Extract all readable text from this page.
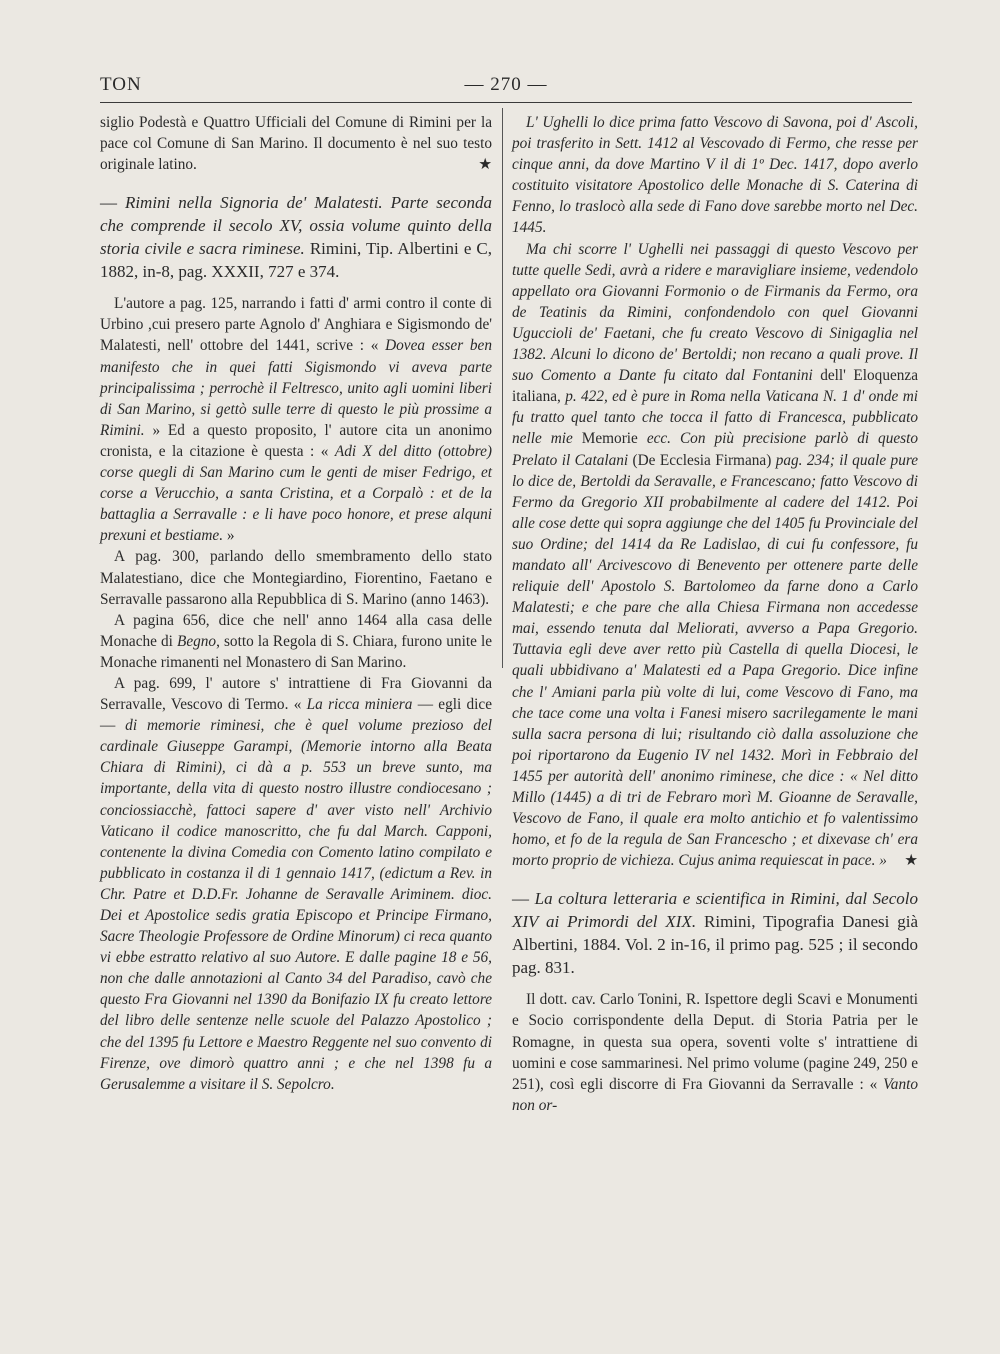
TON	— 270 —

siglio Podestà e Quattro Ufficiali del Comune di Rimini per la pace col Comune di San Marino. Il documento è nel suo testo originale latino.	★

— Rimini nella Signoria de' Malatesti. Parte seconda che comprende il secolo XV, ossia volume quinto della storia civile e sacra riminese. Rimini, Tip. Albertini e C, 1882, in-8, pag. XXXII, 727 e 374.

L'autore a pag. 125, narrando i fatti d' armi contro il conte di Urbino ,cui presero parte Agnolo d' Anghiara e Sigismondo de' Malatesti, nell' ottobre del 1441, scrive : « Dovea esser ben manifesto che in quei fatti Sigismondo vi aveva parte principalissima ; perrochè il Feltresco, unito agli uomini liberi di San Marino, si gettò sulle terre di questo le più prossime a Rimini. » Ed a questo proposito, l' autore cita un anonimo cronista, e la citazione è questa : « Adi X del ditto (ottobre) corse quegli di San Marino cum le genti de miser Fedrigo, et corse a Verucchio, a santa Cristina, et a Corpalò : et de la battaglia a Serravalle : e li have poco honore, et prese alquni prexuni et bestiame. »

A pag. 300, parlando dello smembramento dello stato Malatestiano, dice che Montegiardino, Fiorentino, Faetano e Serravalle passarono alla Repubblica di S. Marino (anno 1463).

A pagina 656, dice che nell' anno 1464 alla casa delle Monache di Begno, sotto la Regola di S. Chiara, furono unite le Monache rimanenti nel Monastero di San Marino.

A pag. 699, l' autore s' intrattiene di Fra Giovanni da Serravalle, Vescovo di Termo. « La ricca miniera — egli dice — di memorie riminesi, che è quel volume prezioso del cardinale Giuseppe Garampi, (Memorie intorno alla Beata Chiara di Rimini), ci dà a p. 553 un breve sunto, ma importante, della vita di questo nostro illustre condiocesano ; conciossiacchè, fattoci sapere d' aver visto nell' Archivio Vaticano il codice manoscritto, che fu dal March. Capponi, contenente la divina Comedia con Comento latino compilato e pubblicato in costanza il di 1 gennaio 1417, (edictum a Rev. in Chr. Patre et D.D.Fr. Johanne de Seravalle Ariminem. dioc. Dei et Apostolice sedis gratia Episcopo et Principe Firmano, Sacre Theologie Professore de Ordine Minorum) ci reca quanto vi ebbe estratto relativo al suo Autore. E dalle pagine 18 e 56, non che dalle annotazioni al Canto 34 del Paradiso, cavò che questo Fra Giovanni nel 1390 da Bonifazio IX fu creato lettore del libro delle sentenze nelle scuole del Palazzo Apostolico ; che del 1395 fu Lettore e Maestro Reggente nel suo convento di Firenze, ove dimorò quattro anni ; e che nel 1398 fu a Gerusalemme a visitare il S. Sepolcro.

L' Ughelli lo dice prima fatto Vescovo di Savona, poi d' Ascoli, poi trasferito in Sett. 1412 al Vescovado di Fermo, che resse per cinque anni, da dove Martino V il di 1º Dec. 1417, dopo averlo costituito visitatore Apostolico delle Monache di S. Caterina di Fenno, lo traslocò alla sede di Fano dove sarebbe morto nel Dec. 1445.

Ma chi scorre l' Ughelli nei passaggi di questo Vescovo per tutte quelle Sedi, avrà a ridere e maravigliare insieme, vedendolo appellato ora Giovanni Formonio o de Firmanis da Fermo, ora de Teatinis da Rimini, confondendolo con quel Giovanni Uguccioli de' Faetani, che fu creato Vescovo di Sinigaglia nel 1382. Alcuni lo dicono de' Bertoldi; non recano a quali prove. Il suo Comento a Dante fu citato dal Fontanini dell' Eloquenza italiana, p. 422, ed è pure in Roma nella Vaticana N. 1 d' onde mi fu tratto quel tanto che tocca il fatto di Francesca, pubblicato nelle mie Memorie ecc. Con più precisione parlò di questo Prelato il Catalani (De Ecclesia Firmana) pag. 234; il quale pure lo dice de, Bertoldi da Seravalle, e Francescano; fatto Vescovo di Fermo da Gregorio XII probabilmente al cadere del 1412. Poi alle cose dette qui sopra aggiunge che del 1405 fu Provinciale del suo Ordine; del 1414 da Re Ladislao, di cui fu confessore, fu mandato all' Arcivescovo di Benevento per ottenere parte delle reliquie dell' Apostolo S. Bartolomeo da farne dono a Carlo Malatesti; e che pare che alla Chiesa Firmana non accedesse mai, essendo tenuta dal Meliorati, avverso a Papa Gregorio. Tuttavia egli deve aver retto più Castella di quella Diocesi, le quali ubbidivano a' Malatesti ed a Papa Gregorio. Dice infine che l' Amiani parla più volte di lui, come Vescovo di Fano, ma che tace come una volta i Fanesi misero sacrilegamente le mani sulla sacra persona di lui; risultando ciò dalla assoluzione che poi riportarono da Eugenio IV nel 1432. Morì in Febbraio del 1455 per autorità dell' anonimo riminese, che dice : « Nel ditto Millo (1445) a di tri de Febraro morì M. Gioanne de Seravalle, Vescovo de Fano, il quale era molto antichio et fo valentissimo homo, et fo de la regula de San Franceschо ; et dixevase ch' era morto proprio de vichieza. Cujus anima requiescat in pace. »	★

— La coltura letteraria e scientifica in Rimini, dal Secolo XIV ai Primordi del XIX. Rimini, Tipografia Danesi già Albertini, 1884. Vol. 2 in-16, il primo pag. 525 ; il secondo pag. 831.

Il dott. cav. Carlo Tonini, R. Ispettore degli Scavi e Monumenti e Socio corrispondente della Deput. di Storia Patria per le Romagne, in questa sua opera, soventi volte s' intrattiene di uomini e cose sammarinesi. Nel primo volume (pagine 249, 250 e 251), così egli discorre di Fra Giovanni da Serravalle : « Vanto non or-
